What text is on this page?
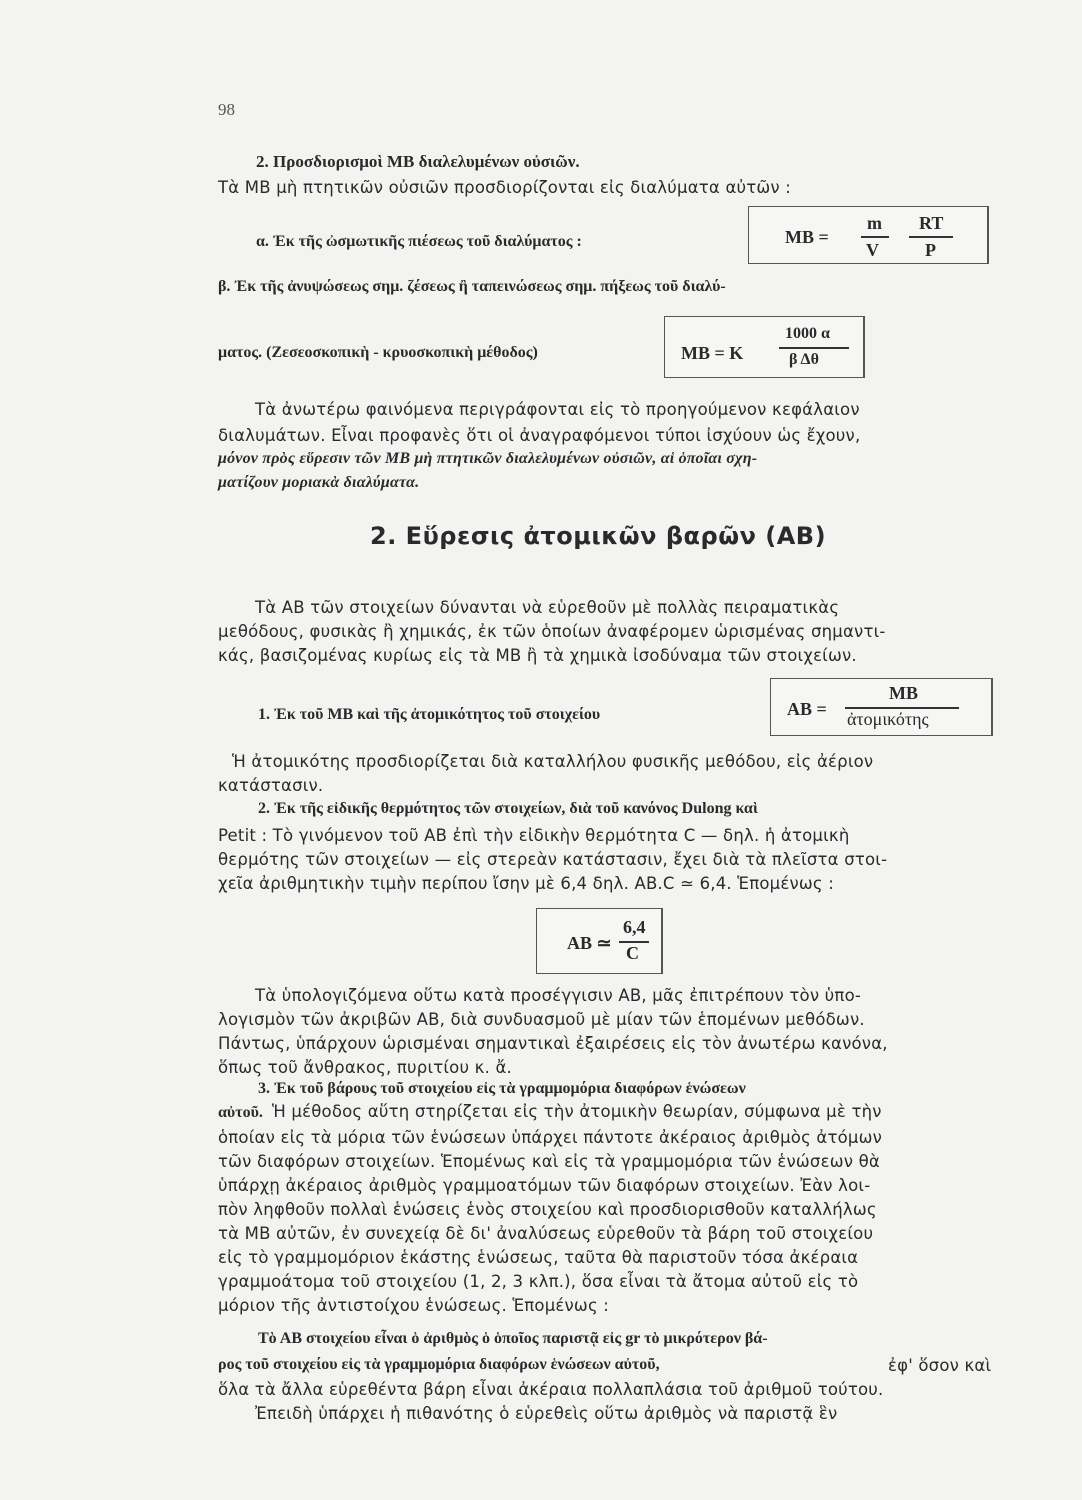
98
2. Προσδιορισμοὶ ΜΒ διαλελυμένων οὐσιῶν.
Τὰ ΜΒ μὴ πτητικῶν οὐσιῶν προσδιορίζονται εἰς διαλύματα αὐτῶν :
α. Ἐκ τῆς ὠσμωτικῆς πιέσεως τοῦ διαλύματος :	MB =
m
V
RT
P
β. Ἐκ τῆς ἀνυψώσεως σημ. ζέσεως ἢ ταπεινώσεως σημ. πήξεως τοῦ διαλύ-
ματος. (Ζεσεοσκοπικὴ - κρυοσκοπικὴ μέθοδος)	MB = K
1000 α
β Δθ
Τὰ ἀνωτέρω φαινόμενα περιγράφονται εἰς τὸ προηγούμενον κεφάλαιον
διαλυμάτων. Εἶναι προφανὲς ὅτι οἱ ἀναγραφόμενοι τύποι ἰσχύουν ὡς ἔχουν,
μόνον πρὸς εὕρεσιν τῶν ΜΒ μὴ πτητικῶν διαλελυμένων οὐσιῶν, αἱ ὁποῖαι σχη-
ματίζουν μοριακὰ διαλύματα.
2. Εὕρεσις ἀτομικῶν βαρῶν (ΑΒ)
Τὰ ΑΒ τῶν στοιχείων δύνανται νὰ εὑρεθοῦν μὲ πολλὰς πειραματικὰς
μεθόδους, φυσικὰς ἢ χημικάς, ἐκ τῶν ὁποίων ἀναφέρομεν ὡρισμένας σημαντι-
κάς, βασιζομένας κυρίως εἰς τὰ ΜΒ ἢ τὰ χημικὰ ἰσοδύναμα τῶν στοιχείων.
1. Ἐκ τοῦ ΜΒ καὶ τῆς ἀτομικότητος τοῦ στοιχείου	AB =
MB
ἀτομικότης
Ἡ ἀτομικότης προσδιορίζεται διὰ καταλλήλου φυσικῆς μεθόδου, εἰς ἀέριον
κατάστασιν.
2. Ἐκ τῆς εἰδικῆς θερμότητος τῶν στοιχείων, διὰ τοῦ κανόνος Dulong καὶ
Petit : Τὸ γινόμενον τοῦ ΑΒ ἐπὶ τὴν εἰδικὴν θερμότητα C — δηλ. ἡ ἀτομικὴ
θερμότης τῶν στοιχείων — εἰς στερεὰν κατάστασιν, ἔχει διὰ τὰ πλεῖστα στοι-
χεῖα ἀριθμητικὴν τιμὴν περίπου ἴσην μὲ 6,4 δηλ. ΑΒ.C ≃ 6,4. Ἑπομένως :
AB ≃
6,4
C
Τὰ ὑπολογιζόμενα οὕτω κατὰ προσέγγισιν ΑΒ, μᾶς ἐπιτρέπουν τὸν ὑπο-
λογισμὸν τῶν ἀκριβῶν ΑΒ, διὰ συνδυασμοῦ μὲ μίαν τῶν ἑπομένων μεθόδων.
Πάντως, ὑπάρχουν ὡρισμέναι σημαντικαὶ ἐξαιρέσεις εἰς τὸν ἀνωτέρω κανόνα,
ὅπως τοῦ ἄνθρακος, πυριτίου κ. ἄ.
3. Ἐκ τοῦ βάρους τοῦ στοιχείου εἰς τὰ γραμμομόρια διαφόρων ἑνώσεων
αὐτοῦ. Ἡ μέθοδος αὕτη στηρίζεται εἰς τὴν ἀτομικὴν θεωρίαν, σύμφωνα μὲ τὴν
ὁποίαν εἰς τὰ μόρια τῶν ἑνώσεων ὑπάρχει πάντοτε ἀκέραιος ἀριθμὸς ἀτόμων
τῶν διαφόρων στοιχείων. Ἑπομένως καὶ εἰς τὰ γραμμομόρια τῶν ἑνώσεων θὰ
ὑπάρχῃ ἀκέραιος ἀριθμὸς γραμμοατόμων τῶν διαφόρων στοιχείων. Ἐὰν λοι-
πὸν ληφθοῦν πολλαὶ ἑνώσεις ἑνὸς στοιχείου καὶ προσδιορισθοῦν καταλλήλως
τὰ ΜΒ αὐτῶν, ἐν συνεχείᾳ δὲ δι' ἀναλύσεως εὑρεθοῦν τὰ βάρη τοῦ στοιχείου
εἰς τὸ γραμμομόριον ἑκάστης ἑνώσεως, ταῦτα θὰ παριστοῦν τόσα ἀκέραια
γραμμοάτομα τοῦ στοιχείου (1, 2, 3 κλπ.), ὅσα εἶναι τὰ ἄτομα αὐτοῦ εἰς τὸ
μόριον τῆς ἀντιστοίχου ἑνώσεως. Ἑπομένως :
Τὸ ΑΒ στοιχείου εἶναι ὁ ἀριθμὸς ὁ ὁποῖος παριστᾷ εἰς gr τὸ μικρότερον βά-
ρος τοῦ στοιχείου εἰς τὰ γραμμομόρια διαφόρων ἑνώσεων αὐτοῦ,	ἐφ' ὅσον καὶ
ὅλα τὰ ἄλλα εὑρεθέντα βάρη εἶναι ἀκέραια πολλαπλάσια τοῦ ἀριθμοῦ τούτου.
Ἐπειδὴ ὑπάρχει ἡ πιθανότης ὁ εὑρεθεὶς οὕτω ἀριθμὸς νὰ παριστᾷ ἓν
